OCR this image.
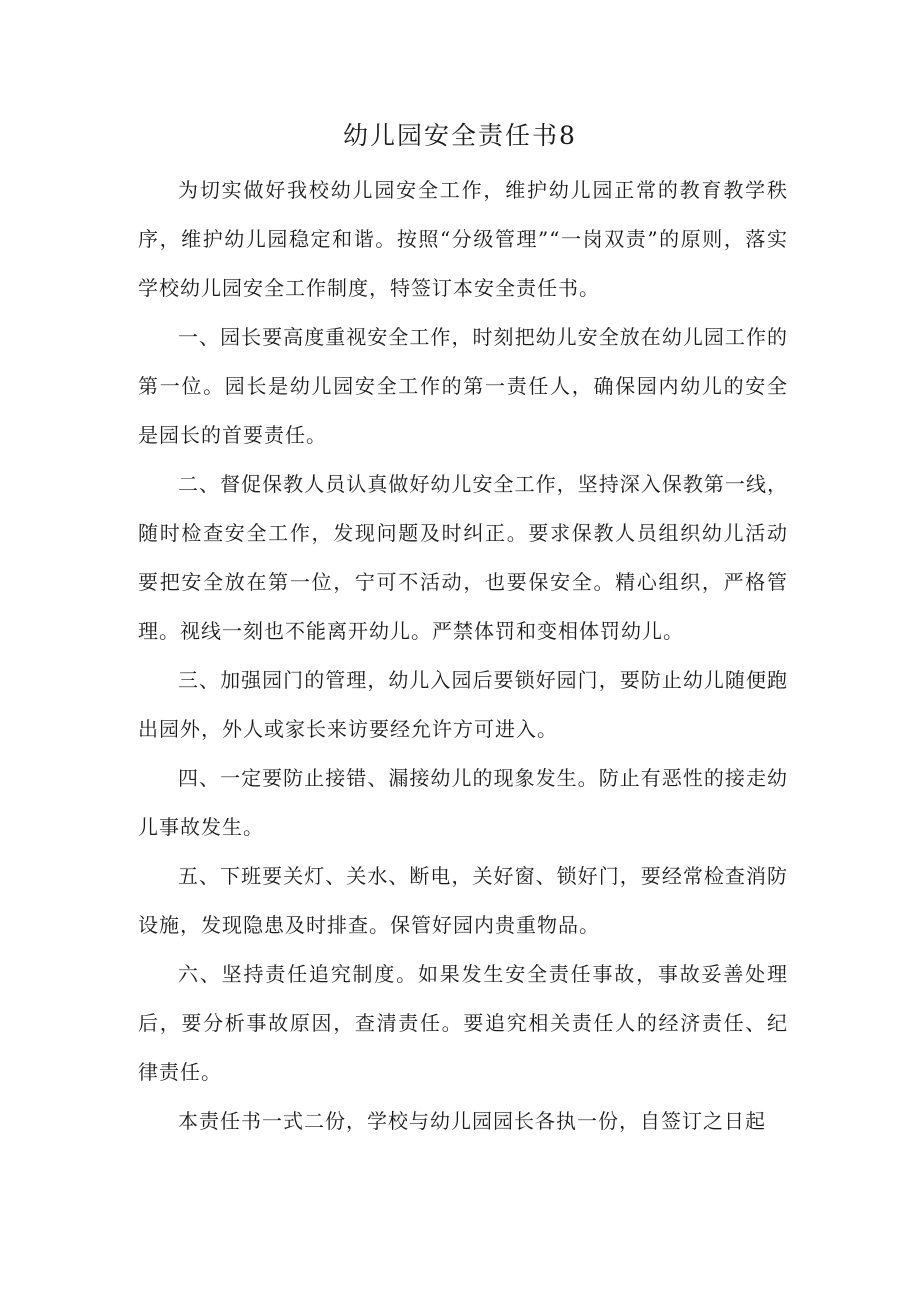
幼儿园安全责任书8

为切实做好我校幼儿园安全工作，维护幼儿园正常的教育教学秩序，维护幼儿园稳定和谐。按照“分级管理”“一岗双责”的原则，落实学校幼儿园安全工作制度，特签订本安全责任书。

一、园长要高度重视安全工作，时刻把幼儿安全放在幼儿园工作的第一位。园长是幼儿园安全工作的第一责任人，确保园内幼儿的安全是园长的首要责任。

二、督促保教人员认真做好幼儿安全工作，坚持深入保教第一线，随时检查安全工作，发现问题及时纠正。要求保教人员组织幼儿活动要把安全放在第一位，宁可不活动，也要保安全。精心组织，严格管理。视线一刻也不能离开幼儿。严禁体罚和变相体罚幼儿。

三、加强园门的管理，幼儿入园后要锁好园门，要防止幼儿随便跑出园外，外人或家长来访要经允许方可进入。

四、一定要防止接错、漏接幼儿的现象发生。防止有恶性的接走幼儿事故发生。

五、下班要关灯、关水、断电，关好窗、锁好门，要经常检查消防设施，发现隐患及时排查。保管好园内贵重物品。

六、坚持责任追究制度。如果发生安全责任事故，事故妥善处理后，要分析事故原因，查清责任。要追究相关责任人的经济责任、纪律责任。

本责任书一式二份，学校与幼儿园园长各执一份，自签订之日起
